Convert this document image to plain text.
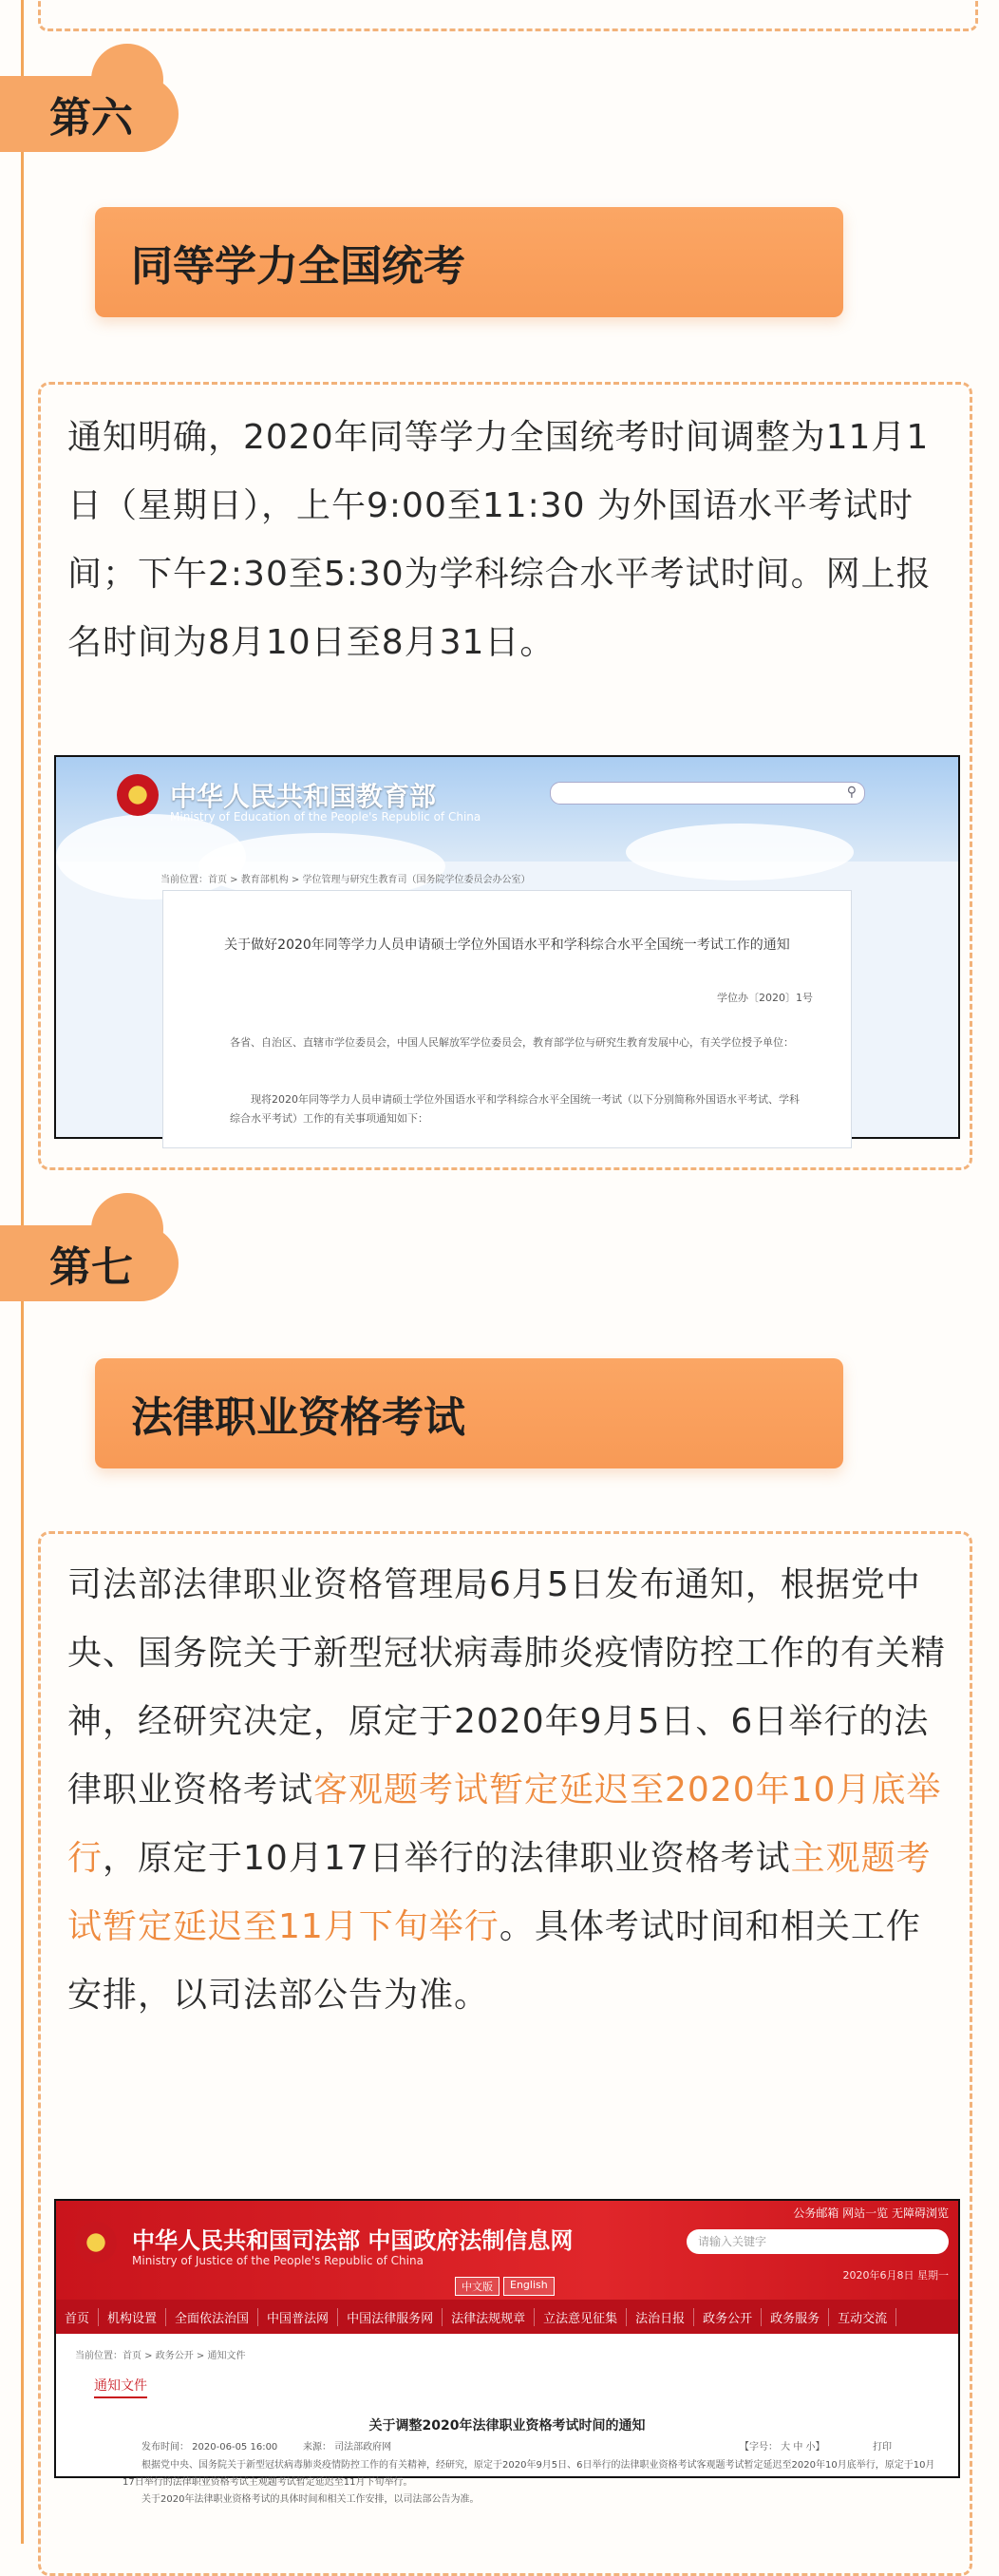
第六
同等学力全国统考
通知明确，2020年同等学力全国统考时间调整为11月1日（星期日），上午9:00至11:30 为外国语水平考试时间；下午2:30至5:30为学科综合水平考试时间。网上报名时间为8月10日至8月31日。
中华人民共和国教育部
Ministry of Education of the People's Republic of China
⚲
当前位置：首页 > 教育部机构 > 学位管理与研究生教育司（国务院学位委员会办公室）
关于做好2020年同等学力人员申请硕士学位外国语水平和学科综合水平全国统一考试工作的通知
学位办〔2020〕1号
各省、自治区、直辖市学位委员会，中国人民解放军学位委员会，教育部学位与研究生教育发展中心，有关学位授予单位：
现将2020年同等学力人员申请硕士学位外国语水平和学科综合水平全国统一考试（以下分别简称外国语水平考试、学科综合水平考试）工作的有关事项通知如下：
第七
法律职业资格考试
司法部法律职业资格管理局6月5日发布通知，根据党中央、国务院关于新型冠状病毒肺炎疫情防控工作的有关精神，经研究决定，原定于2020年9月5日、6日举行的法律职业资格考试客观题考试暂定延迟至2020年10月底举行，原定于10月17日举行的法律职业资格考试主观题考试暂定延迟至11月下旬举行。具体考试时间和相关工作安排，以司法部公告为准。
中华人民共和国司法部 中国政府法制信息网
Ministry of Justice of the People's Republic of China
公务邮箱 网站一览 无障碍浏览
请输入关键字
2020年6月8日 星期一
中文版	English
首页	机构设置	全面依法治国	中国普法网	中国法律服务网	法律法规规章	立法意见征集	法治日报	政务公开	政务服务	互动交流
当前位置：首页 > 政务公开 > 通知文件
通知文件
关于调整2020年法律职业资格考试时间的通知
发布时间： 2020-06-05 16:00	来源： 司法部政府网	【字号： 大 中 小】	打印
根据党中央、国务院关于新型冠状病毒肺炎疫情防控工作的有关精神，经研究，原定于2020年9月5日、6日举行的法律职业资格考试客观题考试暂定延迟至2020年10月底举行，原定于10月17日举行的法律职业资格考试主观题考试暂定延迟至11月下旬举行。
关于2020年法律职业资格考试的具体时间和相关工作安排，以司法部公告为准。
